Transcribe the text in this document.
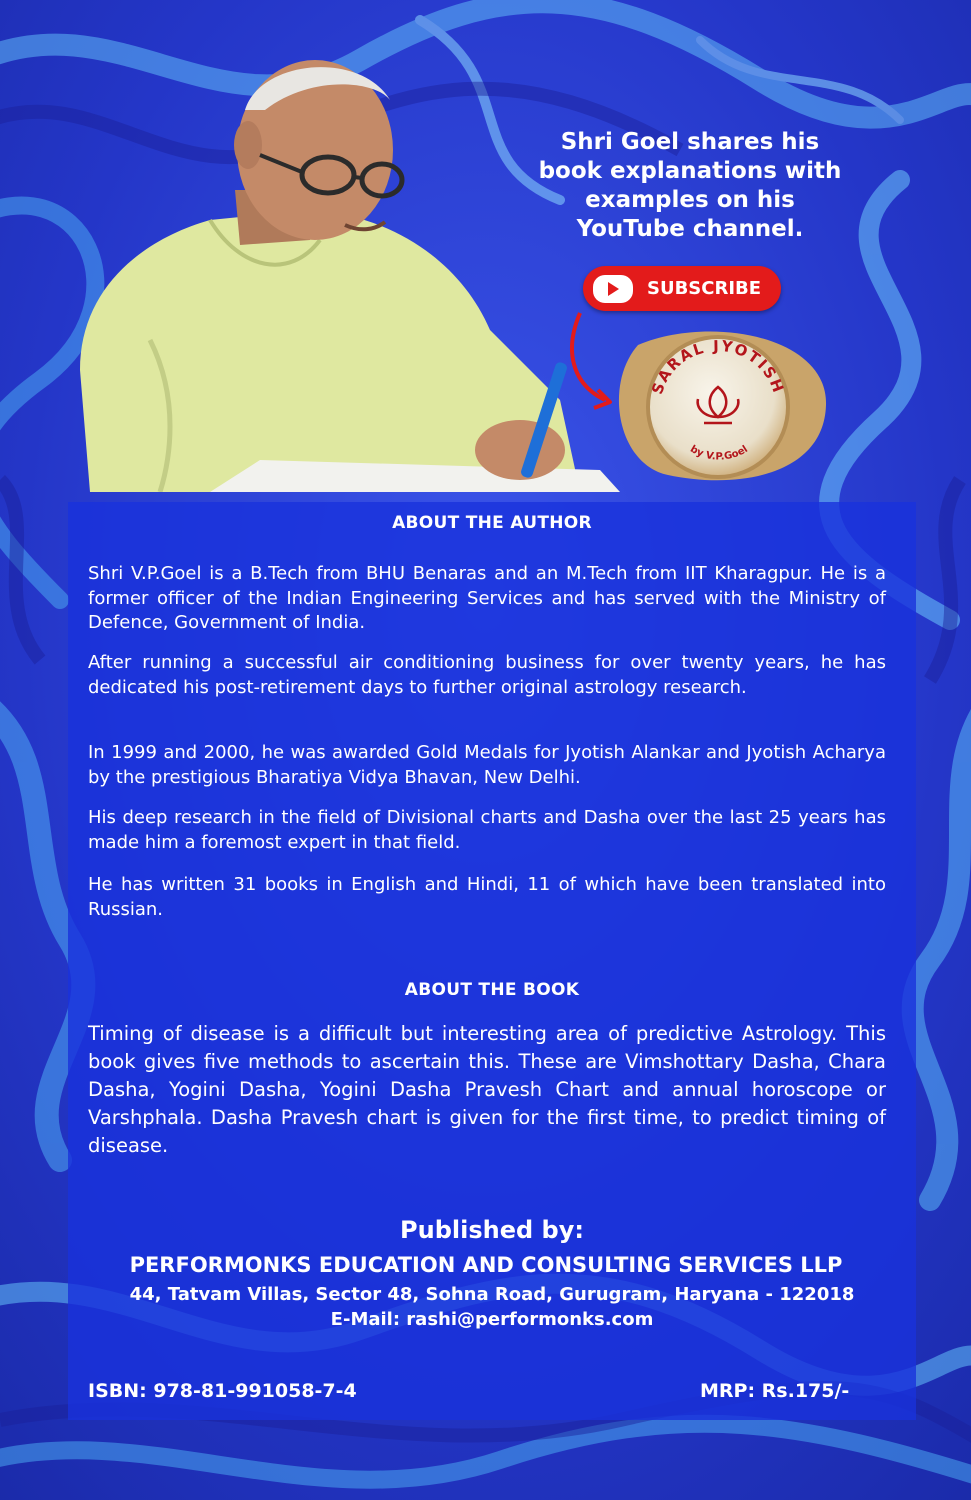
Shri Goel shares his
book explanations with
examples on his
YouTube channel.
SUBSCRIBE
SARAL JYOTISH
by V.P.Goel
ABOUT THE AUTHOR

Shri V.P.Goel is a B.Tech from BHU Benaras and an M.Tech from IIT Kharagpur. He is a former officer of the Indian Engineering Services and has served with the Ministry of Defence, Government of India.

After running a successful air conditioning business for over twenty years, he has dedicated his post-retirement days to further original astrology research.

In 1999 and 2000, he was awarded Gold Medals for Jyotish Alankar and Jyotish Acharya by the prestigious Bharatiya Vidya Bhavan, New Delhi.

His deep research in the field of Divisional charts and Dasha over the last 25 years has made him a foremost expert in that field.

He has written 31 books in English and Hindi, 11 of which have been translated into Russian.

ABOUT THE BOOK

Timing of disease is a difficult but interesting area of predictive Astrology. This book gives five methods to ascertain this. These are Vimshottary Dasha, Chara Dasha, Yogini Dasha, Yogini Dasha Pravesh Chart and annual horoscope or Varshphala. Dasha Pravesh chart is given for the first time, to predict timing of disease.

Published by:
PERFORMONKS EDUCATION AND CONSULTING SERVICES LLP
44, Tatvam Villas, Sector 48, Sohna Road, Gurugram, Haryana - 122018
E-Mail: rashi@performonks.com
ISBN: 978-81-991058-7-4	MRP: Rs.175/-
